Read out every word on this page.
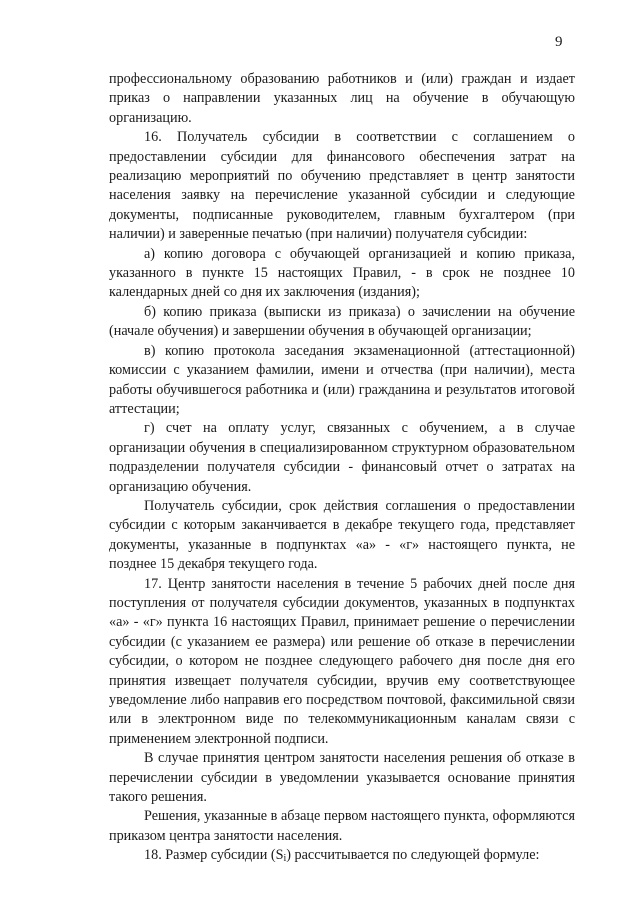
9

профессиональному образованию работников и (или) граждан и издает приказ о направлении указанных лиц на обучение в обучающую организацию.

16. Получатель субсидии в соответствии с соглашением о предоставлении субсидии для финансового обеспечения затрат на реализацию мероприятий по обучению представляет в центр занятости населения заявку на перечисление указанной субсидии и следующие документы, подписанные руководителем, главным бухгалтером (при наличии) и заверенные печатью (при наличии) получателя субсидии:

а) копию договора с обучающей организацией и копию приказа, указанного в пункте 15 настоящих Правил, - в срок не позднее 10 календарных дней со дня их заключения (издания);

б) копию приказа (выписки из приказа) о зачислении на обучение (начале обучения) и завершении обучения в обучающей организации;

в) копию протокола заседания экзаменационной (аттестационной) комиссии с указанием фамилии, имени и отчества (при наличии), места работы обучившегося работника и (или) гражданина и результатов итоговой аттестации;

г) счет на оплату услуг, связанных с обучением, а в случае организации обучения в специализированном структурном образовательном подразделении получателя субсидии - финансовый отчет о затратах на организацию обучения.

Получатель субсидии, срок действия соглашения о предоставлении субсидии с которым заканчивается в декабре текущего года, представляет документы, указанные в подпунктах «а» - «г» настоящего пункта, не позднее 15 декабря текущего года.

17. Центр занятости населения в течение 5 рабочих дней после дня поступления от получателя субсидии документов, указанных в подпунктах «а» - «г» пункта 16 настоящих Правил, принимает решение о перечислении субсидии (с указанием ее размера) или решение об отказе в перечислении субсидии, о котором не позднее следующего рабочего дня после дня его принятия извещает получателя субсидии, вручив ему соответствующее уведомление либо направив его посредством почтовой, факсимильной связи или в электронном виде по телекоммуникационным каналам связи с применением электронной подписи.

В случае принятия центром занятости населения решения об отказе в перечислении субсидии в уведомлении указывается основание принятия такого решения.

Решения, указанные в абзаце первом настоящего пункта, оформляются приказом центра занятости населения.

18. Размер субсидии $(S_i)$ рассчитывается по следующей формуле:
